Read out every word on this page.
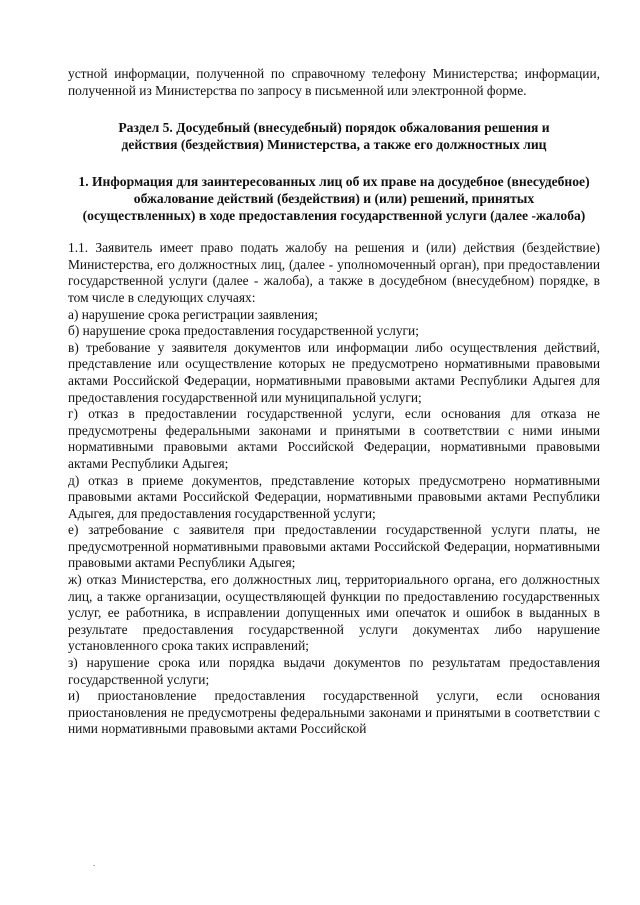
устной информации, полученной по справочному телефону Министерства; информации, полученной из Министерства по запросу в письменной или электронной форме.

Раздел 5. Досудебный (внесудебный) порядок обжалования решения и действия (бездействия) Министерства, а также его должностных лиц

1. Информация для заинтересованных лиц об их праве на досудебное (внесудебное) обжалование действий (бездействия) и (или) решений, принятых (осуществленных) в ходе предоставления государственной услуги (далее -жалоба)

1.1. Заявитель имеет право подать жалобу на решения и (или) действия (бездействие) Министерства, его должностных лиц, (далее - уполномоченный орган), при предоставлении государственной услуги (далее - жалоба), а также в досудебном (внесудебном) порядке, в том числе в следующих случаях:

а) нарушение срока регистрации заявления;

б) нарушение срока предоставления государственной услуги;

в) требование у заявителя документов или информации либо осуществления действий, представление или осуществление которых не предусмотрено нормативными правовыми актами Российской Федерации, нормативными правовыми актами Республики Адыгея для предоставления государственной или муниципальной услуги;

г) отказ в предоставлении государственной услуги, если основания для отказа не предусмотрены федеральными законами и принятыми в соответствии с ними иными нормативными правовыми актами Российской Федерации, нормативными правовыми актами Республики Адыгея;

д) отказ в приеме документов, представление которых предусмотрено нормативными правовыми актами Российской Федерации, нормативными правовыми актами Республики Адыгея, для предоставления государственной услуги;

е) затребование с заявителя при предоставлении государственной услуги платы, не предусмотренной нормативными правовыми актами Российской Федерации, нормативными правовыми актами Республики Адыгея;

ж) отказ Министерства, его должностных лиц, территориального органа, его должностных лиц, а также организации, осуществляющей функции по предоставлению государственных услуг, ее работника, в исправлении допущенных ими опечаток и ошибок в выданных в результате предоставления государственной услуги документах либо нарушение установленного срока таких исправлений;

з) нарушение срока или порядка выдачи документов по результатам предоставления государственной услуги;

и) приостановление предоставления государственной услуги, если основания приостановления не предусмотрены федеральными законами и принятыми в соответствии с ними нормативными правовыми актами Российской

.
